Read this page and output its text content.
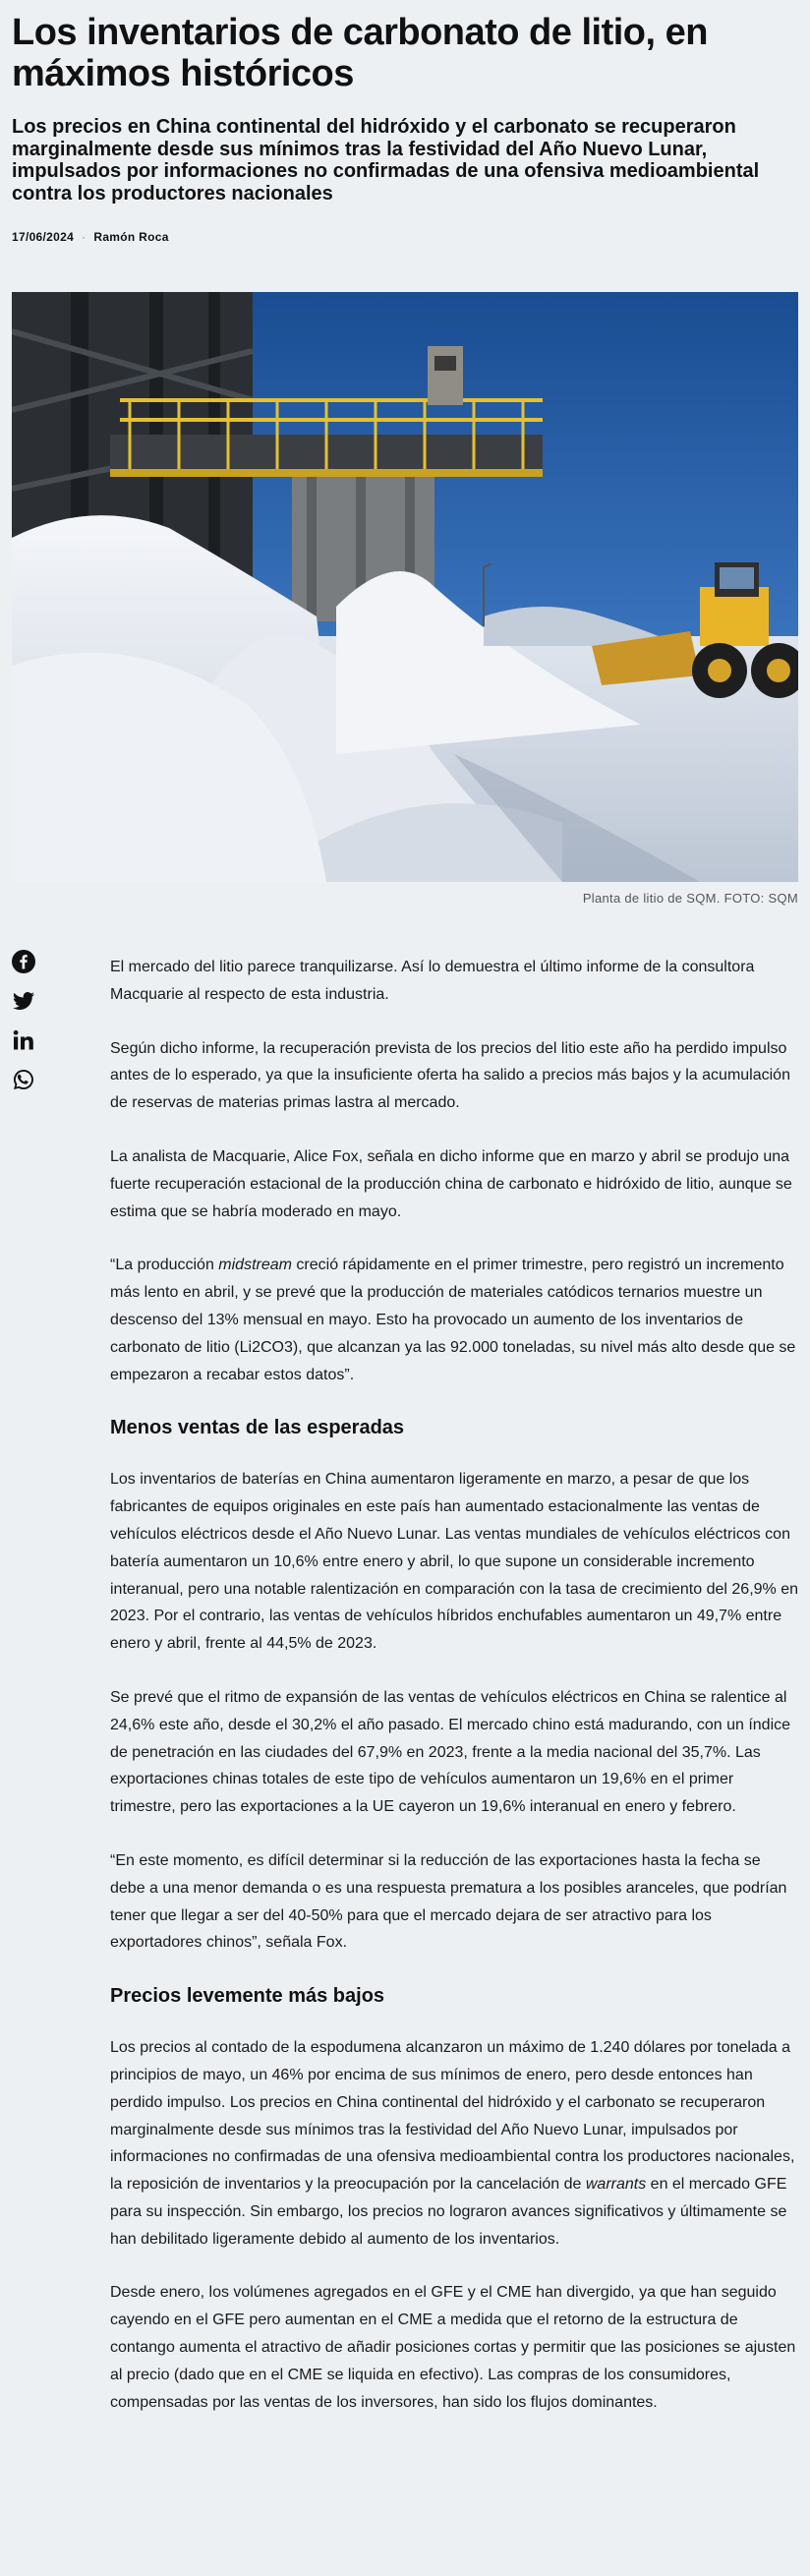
Los inventarios de carbonato de litio, en máximos históricos
Los precios en China continental del hidróxido y el carbonato se recuperaron marginalmente desde sus mínimos tras la festividad del Año Nuevo Lunar, impulsados por informaciones no confirmadas de una ofensiva medioambiental contra los productores nacionales
17/06/2024 · Ramón Roca
Planta de litio de SQM. FOTO: SQM

El mercado del litio parece tranquilizarse. Así lo demuestra el último informe de la consultora Macquarie al respecto de esta industria.

Según dicho informe, la recuperación prevista de los precios del litio este año ha perdido impulso antes de lo esperado, ya que la insuficiente oferta ha salido a precios más bajos y la acumulación de reservas de materias primas lastra al mercado.

La analista de Macquarie, Alice Fox, señala en dicho informe que en marzo y abril se produjo una fuerte recuperación estacional de la producción china de carbonato e hidróxido de litio, aunque se estima que se habría moderado en mayo.

“La producción midstream creció rápidamente en el primer trimestre, pero registró un incremento más lento en abril, y se prevé que la producción de materiales catódicos ternarios muestre un descenso del 13% mensual en mayo. Esto ha provocado un aumento de los inventarios de carbonato de litio (Li2CO3), que alcanzan ya las 92.000 toneladas, su nivel más alto desde que se empezaron a recabar estos datos”.

Menos ventas de las esperadas

Los inventarios de baterías en China aumentaron ligeramente en marzo, a pesar de que los fabricantes de equipos originales en este país han aumentado estacionalmente las ventas de vehículos eléctricos desde el Año Nuevo Lunar. Las ventas mundiales de vehículos eléctricos con batería aumentaron un 10,6% entre enero y abril, lo que supone un considerable incremento interanual, pero una notable ralentización en comparación con la tasa de crecimiento del 26,9% en 2023. Por el contrario, las ventas de vehículos híbridos enchufables aumentaron un 49,7% entre enero y abril, frente al 44,5% de 2023.

Se prevé que el ritmo de expansión de las ventas de vehículos eléctricos en China se ralentice al 24,6% este año, desde el 30,2% el año pasado. El mercado chino está madurando, con un índice de penetración en las ciudades del 67,9% en 2023, frente a la media nacional del 35,7%. Las exportaciones chinas totales de este tipo de vehículos aumentaron un 19,6% en el primer trimestre, pero las exportaciones a la UE cayeron un 19,6% interanual en enero y febrero.

“En este momento, es difícil determinar si la reducción de las exportaciones hasta la fecha se debe a una menor demanda o es una respuesta prematura a los posibles aranceles, que podrían tener que llegar a ser del 40-50% para que el mercado dejara de ser atractivo para los exportadores chinos”, señala Fox.

Precios levemente más bajos

Los precios al contado de la espodumena alcanzaron un máximo de 1.240 dólares por tonelada a principios de mayo, un 46% por encima de sus mínimos de enero, pero desde entonces han perdido impulso. Los precios en China continental del hidróxido y el carbonato se recuperaron marginalmente desde sus mínimos tras la festividad del Año Nuevo Lunar, impulsados por informaciones no confirmadas de una ofensiva medioambiental contra los productores nacionales, la reposición de inventarios y la preocupación por la cancelación de warrants en el mercado GFE para su inspección. Sin embargo, los precios no lograron avances significativos y últimamente se han debilitado ligeramente debido al aumento de los inventarios.

Desde enero, los volúmenes agregados en el GFE y el CME han divergido, ya que han seguido cayendo en el GFE pero aumentan en el CME a medida que el retorno de la estructura de contango aumenta el atractivo de añadir posiciones cortas y permitir que las posiciones se ajusten al precio (dado que en el CME se liquida en efectivo). Las compras de los consumidores, compensadas por las ventas de los inversores, han sido los flujos dominantes.
